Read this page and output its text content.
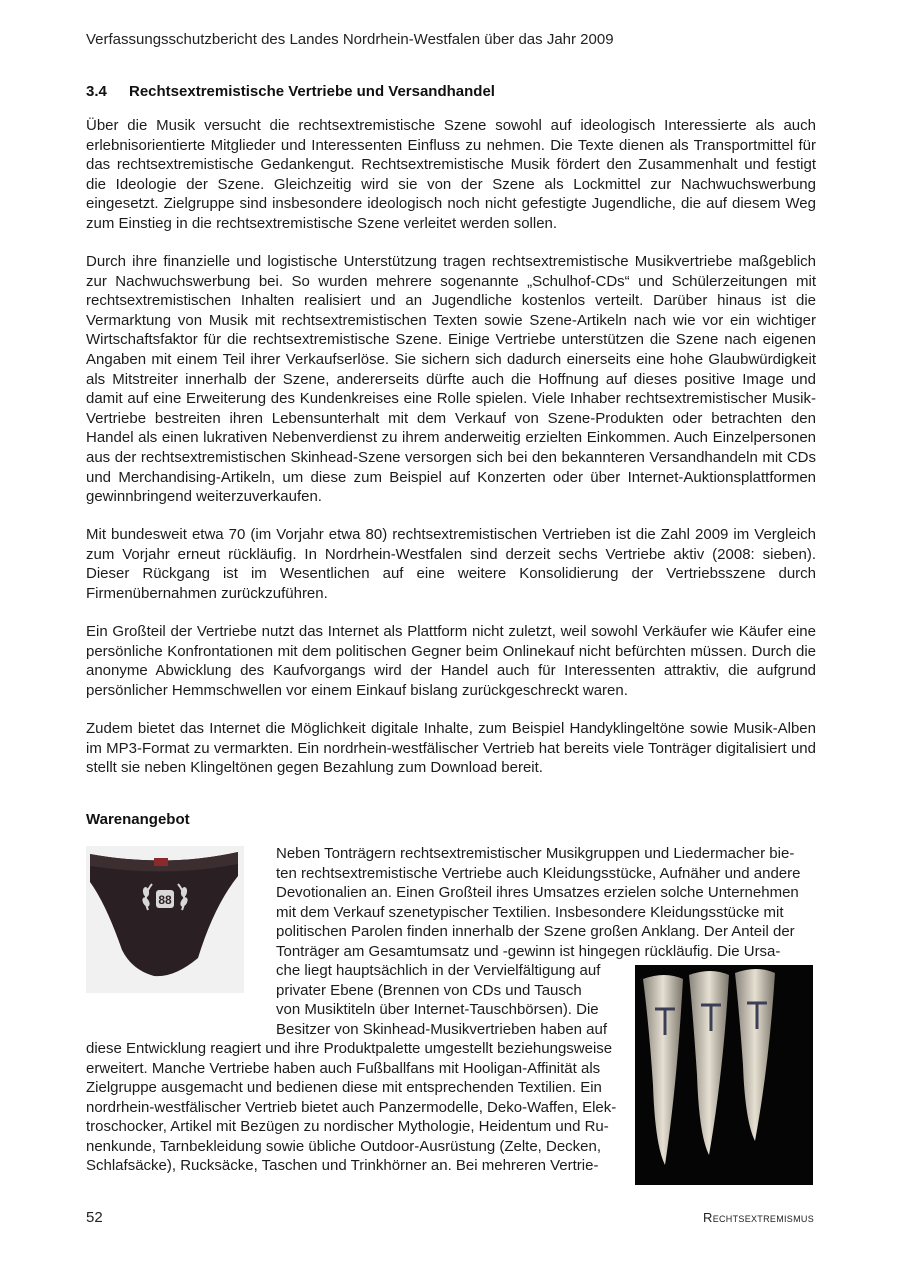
Verfassungsschutzbericht des Landes Nordrhein-Westfalen über das Jahr 2009
3.4 Rechtsextremistische Vertriebe und Versandhandel

Über die Musik versucht die rechtsextremistische Szene sowohl auf ideologisch Interessierte als auch erlebnisorientierte Mitglieder und Interessenten Einfluss zu nehmen. Die Texte dienen als Transportmittel für das rechtsextremistische Gedankengut. Rechtsextremistische Musik fördert den Zusammenhalt und festigt die Ideologie der Szene. Gleichzeitig wird sie von der Szene als Lockmittel zur Nachwuchswerbung eingesetzt. Zielgruppe sind insbesondere ideologisch noch nicht gefestigte Jugendliche, die auf diesem Weg zum Einstieg in die rechtsextremistische Szene verleitet werden sollen.

Durch ihre finanzielle und logistische Unterstützung tragen rechtsextremistische Musikvertriebe maßgeblich zur Nachwuchswerbung bei. So wurden mehrere sogenannte „Schulhof-CDs“ und Schülerzeitungen mit rechtsextremistischen Inhalten realisiert und an Jugendliche kostenlos verteilt. Darüber hinaus ist die Vermarktung von Musik mit rechtsextremistischen Texten sowie Szene-Artikeln nach wie vor ein wichtiger Wirtschaftsfaktor für die rechtsextremistische Szene. Einige Vertriebe unterstützen die Szene nach eigenen Angaben mit einem Teil ihrer Verkaufserlöse. Sie sichern sich dadurch einerseits eine hohe Glaubwürdigkeit als Mitstreiter innerhalb der Szene, andererseits dürfte auch die Hoffnung auf dieses positive Image und damit auf eine Erweiterung des Kundenkreises eine Rolle spielen. Viele Inhaber rechtsextremistischer Musik-Vertriebe bestreiten ihren Lebensunterhalt mit dem Verkauf von Szene-Produkten oder betrachten den Handel als einen lukrativen Nebenverdienst zu ihrem anderweitig erzielten Einkommen. Auch Einzelpersonen aus der rechtsextremistischen Skinhead-Szene versorgen sich bei den bekannteren Versandhandeln mit CDs und Merchandising-Artikeln, um diese zum Beispiel auf Konzerten oder über Internet-Auktionsplattformen gewinnbringend weiterzuverkaufen.

Mit bundesweit etwa 70 (im Vorjahr etwa 80) rechtsextremistischen Vertrieben ist die Zahl 2009 im Vergleich zum Vorjahr erneut rückläufig. In Nordrhein-Westfalen sind derzeit sechs Vertriebe aktiv (2008: sieben). Dieser Rückgang ist im Wesentlichen auf eine weitere Konsolidierung der Vertriebsszene durch Firmenübernahmen zurückzuführen.

Ein Großteil der Vertriebe nutzt das Internet als Plattform nicht zuletzt, weil sowohl Verkäufer wie Käufer eine persönliche Konfrontationen mit dem politischen Gegner beim Onlinekauf nicht befürchten müssen. Durch die anonyme Abwicklung des Kaufvorgangs wird der Handel auch für Interessenten attraktiv, die aufgrund persönlicher Hemmschwellen vor einem Einkauf bislang zurückgeschreckt waren.

Zudem bietet das Internet die Möglichkeit digitale Inhalte, zum Beispiel Handyklingeltöne sowie Musik-Alben im MP3-Format zu vermarkten. Ein nordrhein-westfälischer Vertrieb hat bereits viele Tonträger digitalisiert und stellt sie neben Klingeltönen gegen Bezahlung zum Download bereit.

Warenangebot
88
Neben Tonträgern rechtsextremistischer Musikgruppen und Liedermacher bie-
ten rechtsextremistische Vertriebe auch Kleidungsstücke, Aufnäher und andere
Devotionalien an. Einen Großteil ihres Umsatzes erzielen solche Unternehmen
mit dem Verkauf szenetypischer Textilien. Insbesondere Kleidungsstücke mit
politischen Parolen finden innerhalb der Szene großen Anklang. Der Anteil der
Tonträger am Gesamtumsatz und -gewinn ist hingegen rückläufig. Die Ursa-
che liegt hauptsächlich in der Vervielfältigung auf
privater Ebene (Brennen von CDs und Tausch
von Musiktiteln über Internet-Tauschbörsen). Die
Besitzer von Skinhead-Musikvertrieben haben auf
diese Entwicklung reagiert und ihre Produktpalette umgestellt beziehungsweise
erweitert. Manche Vertriebe haben auch Fußballfans mit Hooligan-Affinität als
Zielgruppe ausgemacht und bedienen diese mit entsprechenden Textilien. Ein
nordrhein-westfälischer Vertrieb bietet auch Panzermodelle, Deko-Waffen, Elek-
troschocker, Artikel mit Bezügen zu nordischer Mythologie, Heidentum und Ru-
nenkunde, Tarnbekleidung sowie übliche Outdoor-Ausrüstung (Zelte, Decken,
Schlafsäcke), Rucksäcke, Taschen und Trinkhörner an. Bei mehreren Vertrie-
52	Rechtsextremismus
